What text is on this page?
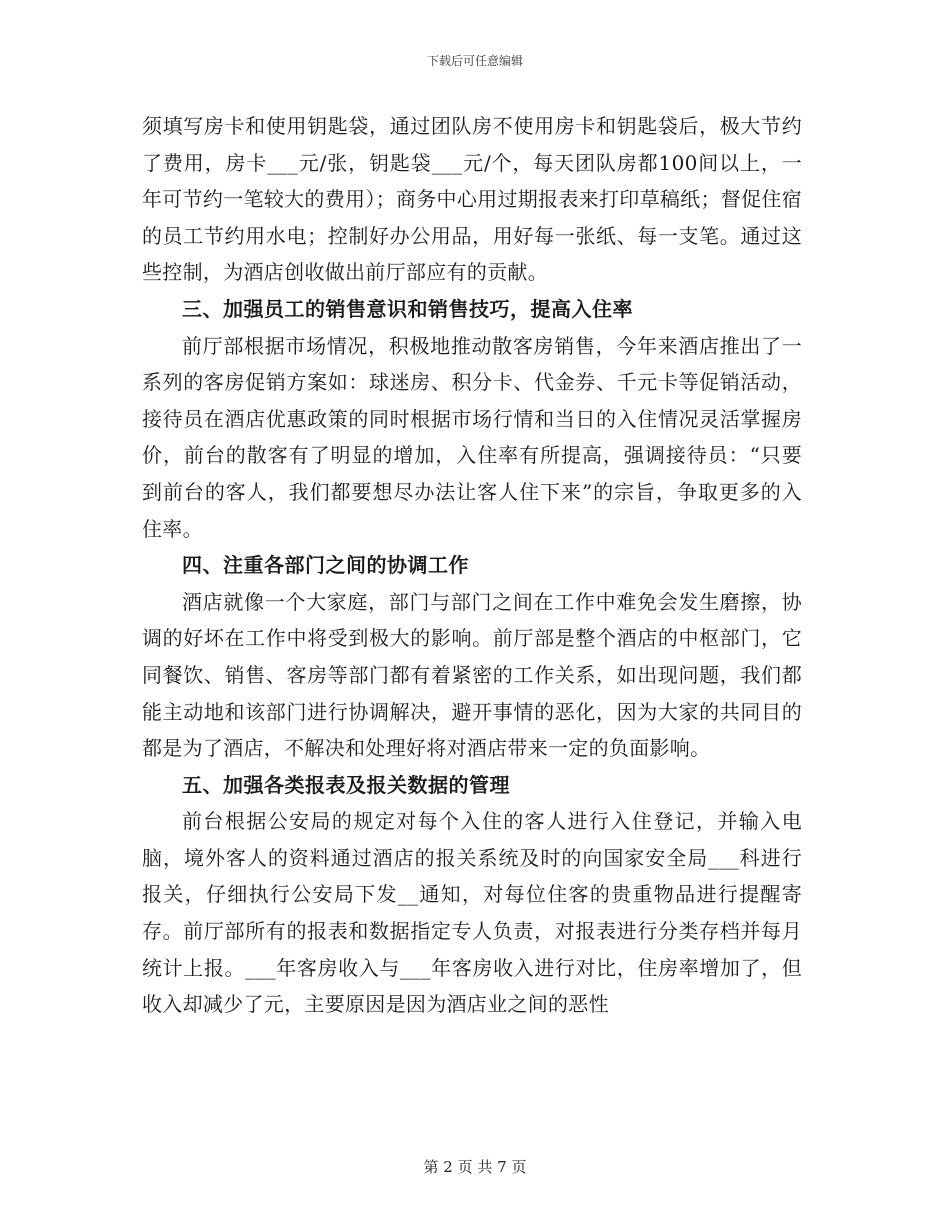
下载后可任意编辑

须填写房卡和使用钥匙袋，通过团队房不使用房卡和钥匙袋后，极大节约了费用，房卡___元/张，钥匙袋___元/个，每天团队房都100间以上，一年可节约一笔较大的费用）；商务中心用过期报表来打印草稿纸；督促住宿的员工节约用水电；控制好办公用品，用好每一张纸、每一支笔。通过这些控制，为酒店创收做出前厅部应有的贡献。

三、加强员工的销售意识和销售技巧，提高入住率

前厅部根据市场情况，积极地推动散客房销售，今年来酒店推出了一系列的客房促销方案如：球迷房、积分卡、代金券、千元卡等促销活动，接待员在酒店优惠政策的同时根据市场行情和当日的入住情况灵活掌握房价，前台的散客有了明显的增加，入住率有所提高，强调接待员：“只要到前台的客人，我们都要想尽办法让客人住下来”的宗旨，争取更多的入住率。

四、注重各部门之间的协调工作

酒店就像一个大家庭，部门与部门之间在工作中难免会发生磨擦，协调的好坏在工作中将受到极大的影响。前厅部是整个酒店的中枢部门，它同餐饮、销售、客房等部门都有着紧密的工作关系，如出现问题，我们都能主动地和该部门进行协调解决，避开事情的恶化，因为大家的共同目的都是为了酒店，不解决和处理好将对酒店带来一定的负面影响。

五、加强各类报表及报关数据的管理

前台根据公安局的规定对每个入住的客人进行入住登记，并输入电脑，境外客人的资料通过酒店的报关系统及时的向国家安全局___科进行报关，仔细执行公安局下发__通知，对每位住客的贵重物品进行提醒寄存。前厅部所有的报表和数据指定专人负责，对报表进行分类存档并每月统计上报。___年客房收入与___年客房收入进行对比，住房率增加了，但收入却减少了元，主要原因是因为酒店业之间的恶性

第 2 页 共 7 页
